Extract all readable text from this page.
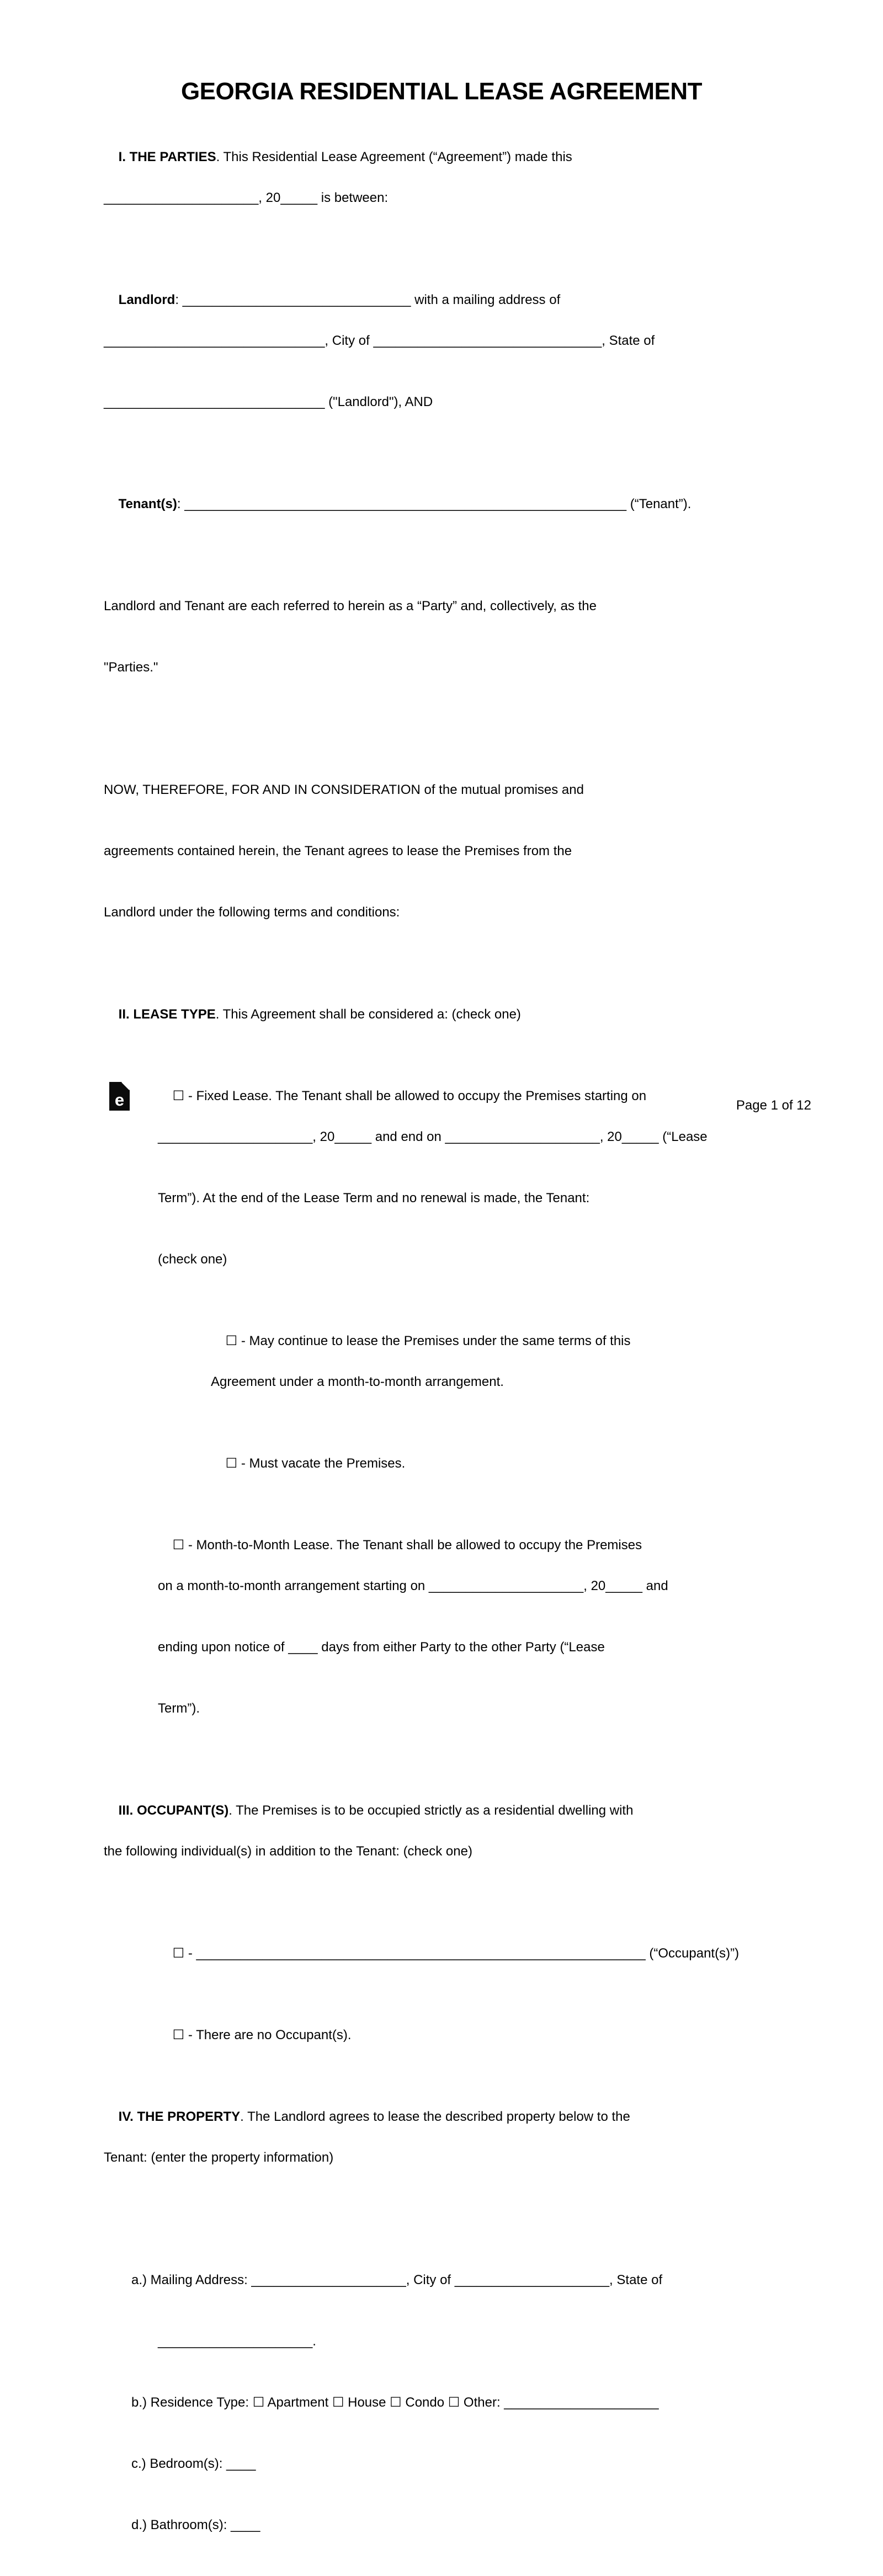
GEORGIA RESIDENTIAL LEASE AGREEMENT

I. THE PARTIES. This Residential Lease Agreement (“Agreement”) made this

_____________________, 20_____ is between:

Landlord: _______________________________ with a mailing address of

______________________________, City of _______________________________, State of

______________________________ ("Landlord"), AND

Tenant(s): ____________________________________________________________ (“Tenant”).

Landlord and Tenant are each referred to herein as a “Party” and, collectively, as the

"Parties."

NOW, THEREFORE, FOR AND IN CONSIDERATION of the mutual promises and

agreements contained herein, the Tenant agrees to lease the Premises from the

Landlord under the following terms and conditions:

II. LEASE TYPE. This Agreement shall be considered a: (check one)

☐ - Fixed Lease. The Tenant shall be allowed to occupy the Premises starting on

_____________________, 20_____ and end on _____________________, 20_____ (“Lease

Term”). At the end of the Lease Term and no renewal is made, the Tenant:

(check one)

☐ - May continue to lease the Premises under the same terms of this

Agreement under a month-to-month arrangement.

☐ - Must vacate the Premises.

☐ - Month-to-Month Lease. The Tenant shall be allowed to occupy the Premises

on a month-to-month arrangement starting on _____________________, 20_____ and

ending upon notice of ____ days from either Party to the other Party (“Lease

Term”).

III. OCCUPANT(S). The Premises is to be occupied strictly as a residential dwelling with

the following individual(s) in addition to the Tenant: (check one)

☐ - _____________________________________________________________ (“Occupant(s)”)

☐ - There are no Occupant(s).

IV. THE PROPERTY. The Landlord agrees to lease the described property below to the

Tenant: (enter the property information)

a.) Mailing Address: _____________________, City of _____________________, State of

_____________________.

b.) Residence Type: ☐ Apartment ☐ House ☐ Condo ☐ Other: _____________________

c.) Bedroom(s): ____

d.) Bathroom(s): ____

e	Page 1 of 12
